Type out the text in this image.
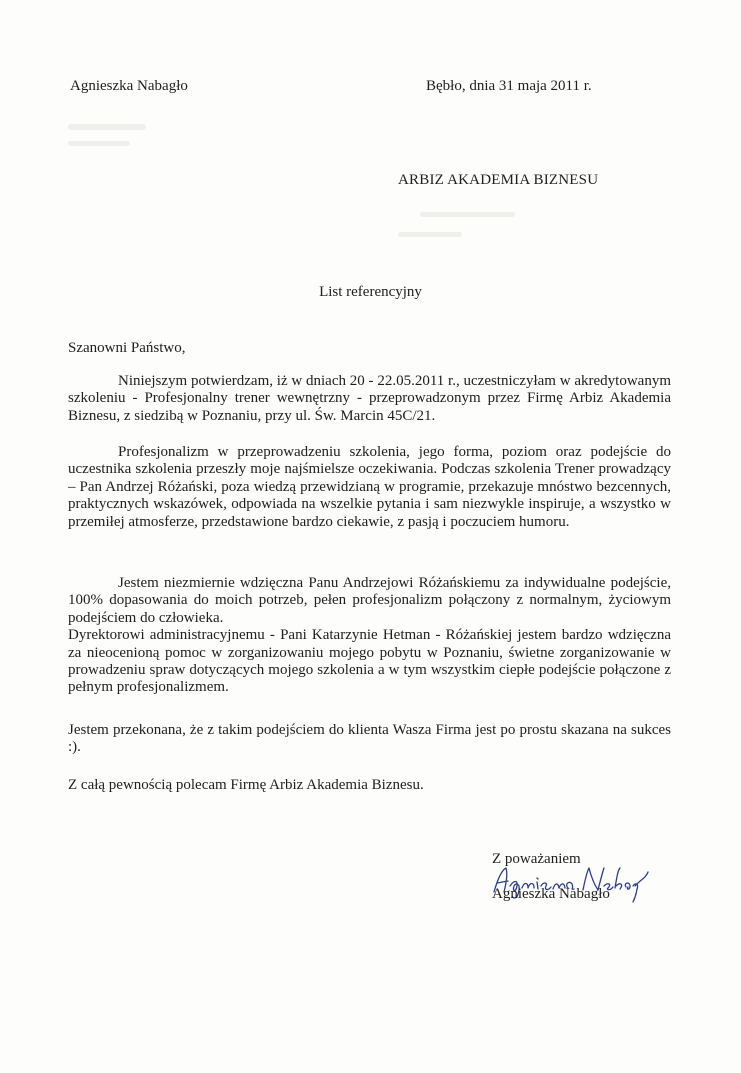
Agnieszka Nabagło	Bębło, dnia 31 maja 2011 r.
ARBIZ AKADEMIA BIZNESU
List referencyjny
Szanowni Państwo,

Niniejszym potwierdzam, iż w dniach 20 - 22.05.2011 r., uczestniczyłam w akredytowanym szkoleniu - Profesjonalny trener wewnętrzny - przeprowadzonym przez Firmę Arbiz Akademia Biznesu, z siedzibą w Poznaniu, przy ul. Św. Marcin 45C/21.

Profesjonalizm w przeprowadzeniu szkolenia, jego forma, poziom oraz podejście do uczestnika szkolenia przeszły moje najśmielsze oczekiwania. Podczas szkolenia Trener prowadzący – Pan Andrzej Różański, poza wiedzą przewidzianą w programie, przekazuje mnóstwo bezcennych, praktycznych wskazówek, odpowiada na wszelkie pytania i sam niezwykle inspiruje, a wszystko w przemiłej atmosferze, przedstawione bardzo ciekawie, z pasją i poczuciem humoru.

Jestem niezmiernie wdzięczna Panu Andrzejowi Różańskiemu za indywidualne podejście, 100% dopasowania do moich potrzeb, pełen profesjonalizm połączony z normalnym, życiowym podejściem do człowieka.

Dyrektorowi administracyjnemu - Pani Katarzynie Hetman - Różańskiej jestem bardzo wdzięczna za nieocenioną pomoc w zorganizowaniu mojego pobytu w Poznaniu, świetne zorganizowanie w prowadzeniu spraw dotyczących mojego szkolenia a w tym wszystkim ciepłe podejście połączone z pełnym profesjonalizmem.

Jestem przekonana, że z takim podejściem do klienta Wasza Firma jest po prostu skazana na sukces :).

Z całą pewnością polecam Firmę Arbiz Akademia Biznesu.

Z poważaniem
Agnieszka Nabagło
